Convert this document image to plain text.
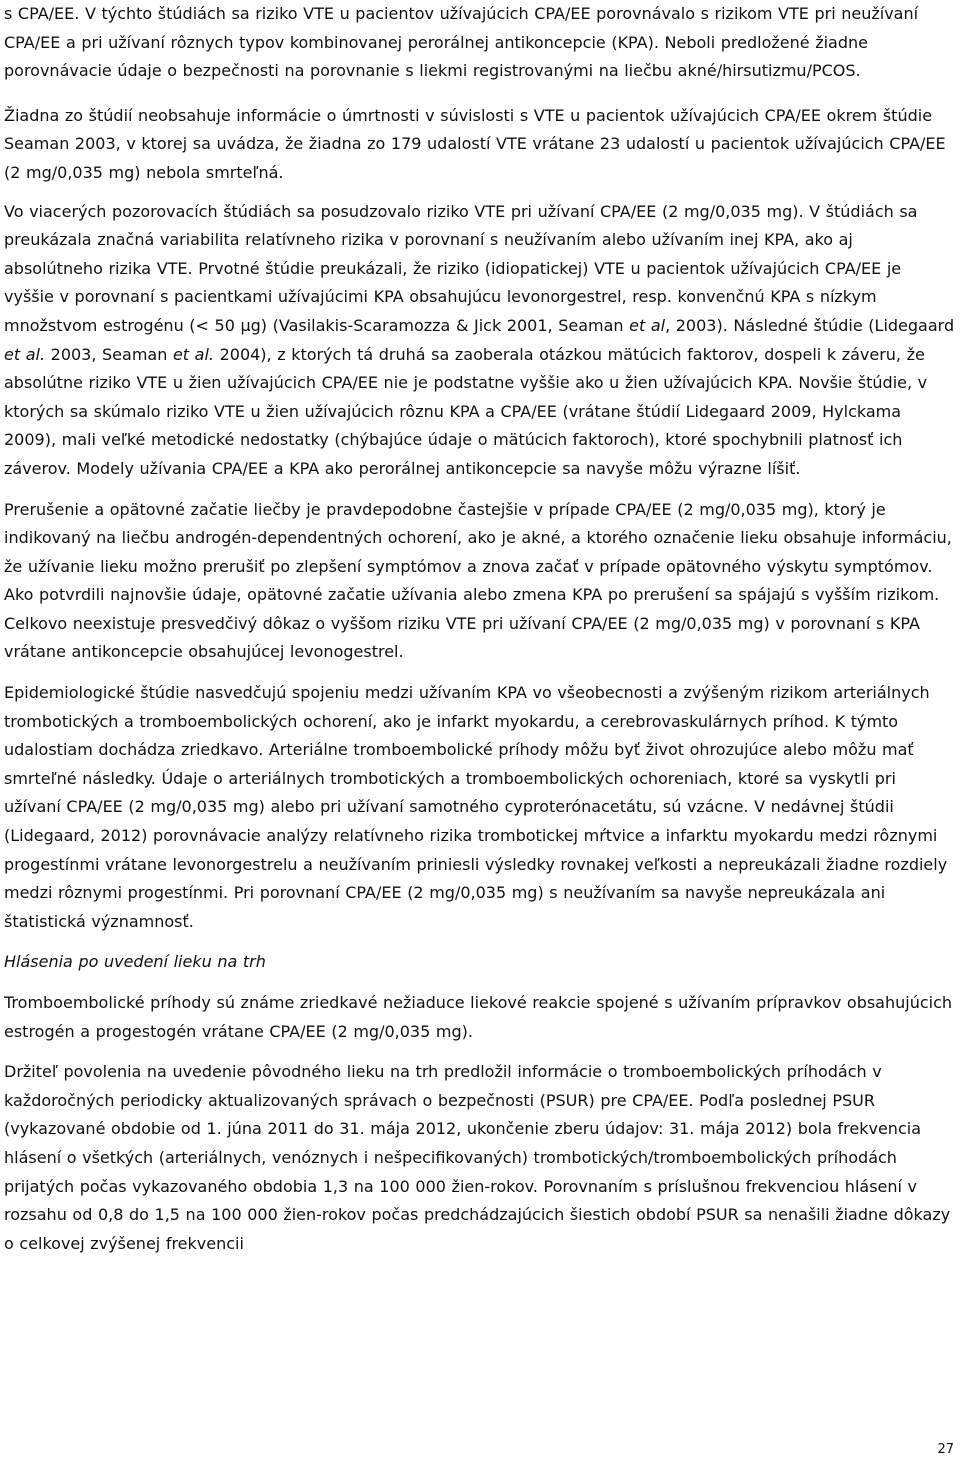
s CPA/EE. V týchto štúdiách sa riziko VTE u pacientov užívajúcich CPA/EE porovnávalo s rizikom VTE pri neužívaní CPA/EE a pri užívaní rôznych typov kombinovanej perorálnej antikoncepcie (KPA). Neboli predložené žiadne porovnávacie údaje o bezpečnosti na porovnanie s liekmi registrovanými na liečbu akné/hirsutizmu/PCOS.

Žiadna zo štúdií neobsahuje informácie o úmrtnosti v súvislosti s VTE u pacientok užívajúcich CPA/EE okrem štúdie Seaman 2003, v ktorej sa uvádza, že žiadna zo 179 udalostí VTE vrátane 23 udalostí u pacientok užívajúcich CPA/EE (2 mg/0,035 mg) nebola smrteľná.

Vo viacerých pozorovacích štúdiách sa posudzovalo riziko VTE pri užívaní CPA/EE (2 mg/0,035 mg). V štúdiách sa preukázala značná variabilita relatívneho rizika v porovnaní s neužívaním alebo užívaním inej KPA, ako aj absolútneho rizika VTE. Prvotné štúdie preukázali, že riziko (idiopatickej) VTE u pacientok užívajúcich CPA/EE je vyššie v porovnaní s pacientkami užívajúcimi KPA obsahujúcu levonorgestrel, resp. konvenčnú KPA s nízkym množstvom estrogénu (< 50 µg) (Vasilakis-Scaramozza & Jick 2001, Seaman et al, 2003). Následné štúdie (Lidegaard et al. 2003, Seaman et al. 2004), z ktorých tá druhá sa zaoberala otázkou mätúcich faktorov, dospeli k záveru, že absolútne riziko VTE u žien užívajúcich CPA/EE nie je podstatne vyššie ako u žien užívajúcich KPA. Novšie štúdie, v ktorých sa skúmalo riziko VTE u žien užívajúcich rôznu KPA a CPA/EE (vrátane štúdií Lidegaard 2009, Hylckama 2009), mali veľké metodické nedostatky (chýbajúce údaje o mätúcich faktoroch), ktoré spochybnili platnosť ich záverov. Modely užívania CPA/EE a KPA ako perorálnej antikoncepcie sa navyše môžu výrazne líšiť.

Prerušenie a opätovné začatie liečby je pravdepodobne častejšie v prípade CPA/EE (2 mg/0,035 mg), ktorý je indikovaný na liečbu androgén-dependentných ochorení, ako je akné, a ktorého označenie lieku obsahuje informáciu, že užívanie lieku možno prerušiť po zlepšení symptómov a znova začať v prípade opätovného výskytu symptómov. Ako potvrdili najnovšie údaje, opätovné začatie užívania alebo zmena KPA po prerušení sa spájajú s vyšším rizikom. Celkovo neexistuje presvedčivý dôkaz o vyššom riziku VTE pri užívaní CPA/EE (2 mg/0,035 mg) v porovnaní s KPA vrátane antikoncepcie obsahujúcej levonogestrel.

Epidemiologické štúdie nasvedčujú spojeniu medzi užívaním KPA vo všeobecnosti a zvýšeným rizikom arteriálnych trombotických a tromboembolických ochorení, ako je infarkt myokardu, a cerebrovaskulárnych príhod. K týmto udalostiam dochádza zriedkavo. Arteriálne tromboembolické príhody môžu byť život ohrozujúce alebo môžu mať smrteľné následky. Údaje o arteriálnych trombotických a tromboembolických ochoreniach, ktoré sa vyskytli pri užívaní CPA/EE (2 mg/0,035 mg) alebo pri užívaní samotného cyproterónacetátu, sú vzácne. V nedávnej štúdii (Lidegaard, 2012) porovnávacie analýzy relatívneho rizika trombotickej mŕtvice a infarktu myokardu medzi rôznymi progestínmi vrátane levonorgestrelu a neužívaním priniesli výsledky rovnakej veľkosti a nepreukázali žiadne rozdiely medzi rôznymi progestínmi. Pri porovnaní CPA/EE (2 mg/0,035 mg) s neužívaním sa navyše nepreukázala ani štatistická významnosť.

Hlásenia po uvedení lieku na trh

Tromboembolické príhody sú známe zriedkavé nežiaduce liekové reakcie spojené s užívaním prípravkov obsahujúcich estrogén a progestogén vrátane CPA/EE (2 mg/0,035 mg).

Držiteľ povolenia na uvedenie pôvodného lieku na trh predložil informácie o tromboembolických príhodách v každoročných periodicky aktualizovaných správach o bezpečnosti (PSUR) pre CPA/EE. Podľa poslednej PSUR (vykazované obdobie od 1. júna 2011 do 31. mája 2012, ukončenie zberu údajov: 31. mája 2012) bola frekvencia hlásení o všetkých (arteriálnych, venóznych i nešpecifikovaných) trombotických/tromboembolických príhodách prijatých počas vykazovaného obdobia 1,3 na 100 000 žien-rokov. Porovnaním s príslušnou frekvenciou hlásení v rozsahu od 0,8 do 1,5 na 100 000 žien-rokov počas predchádzajúcich šiestich období PSUR sa nenašili žiadne dôkazy o celkovej zvýšenej frekvencii

27
